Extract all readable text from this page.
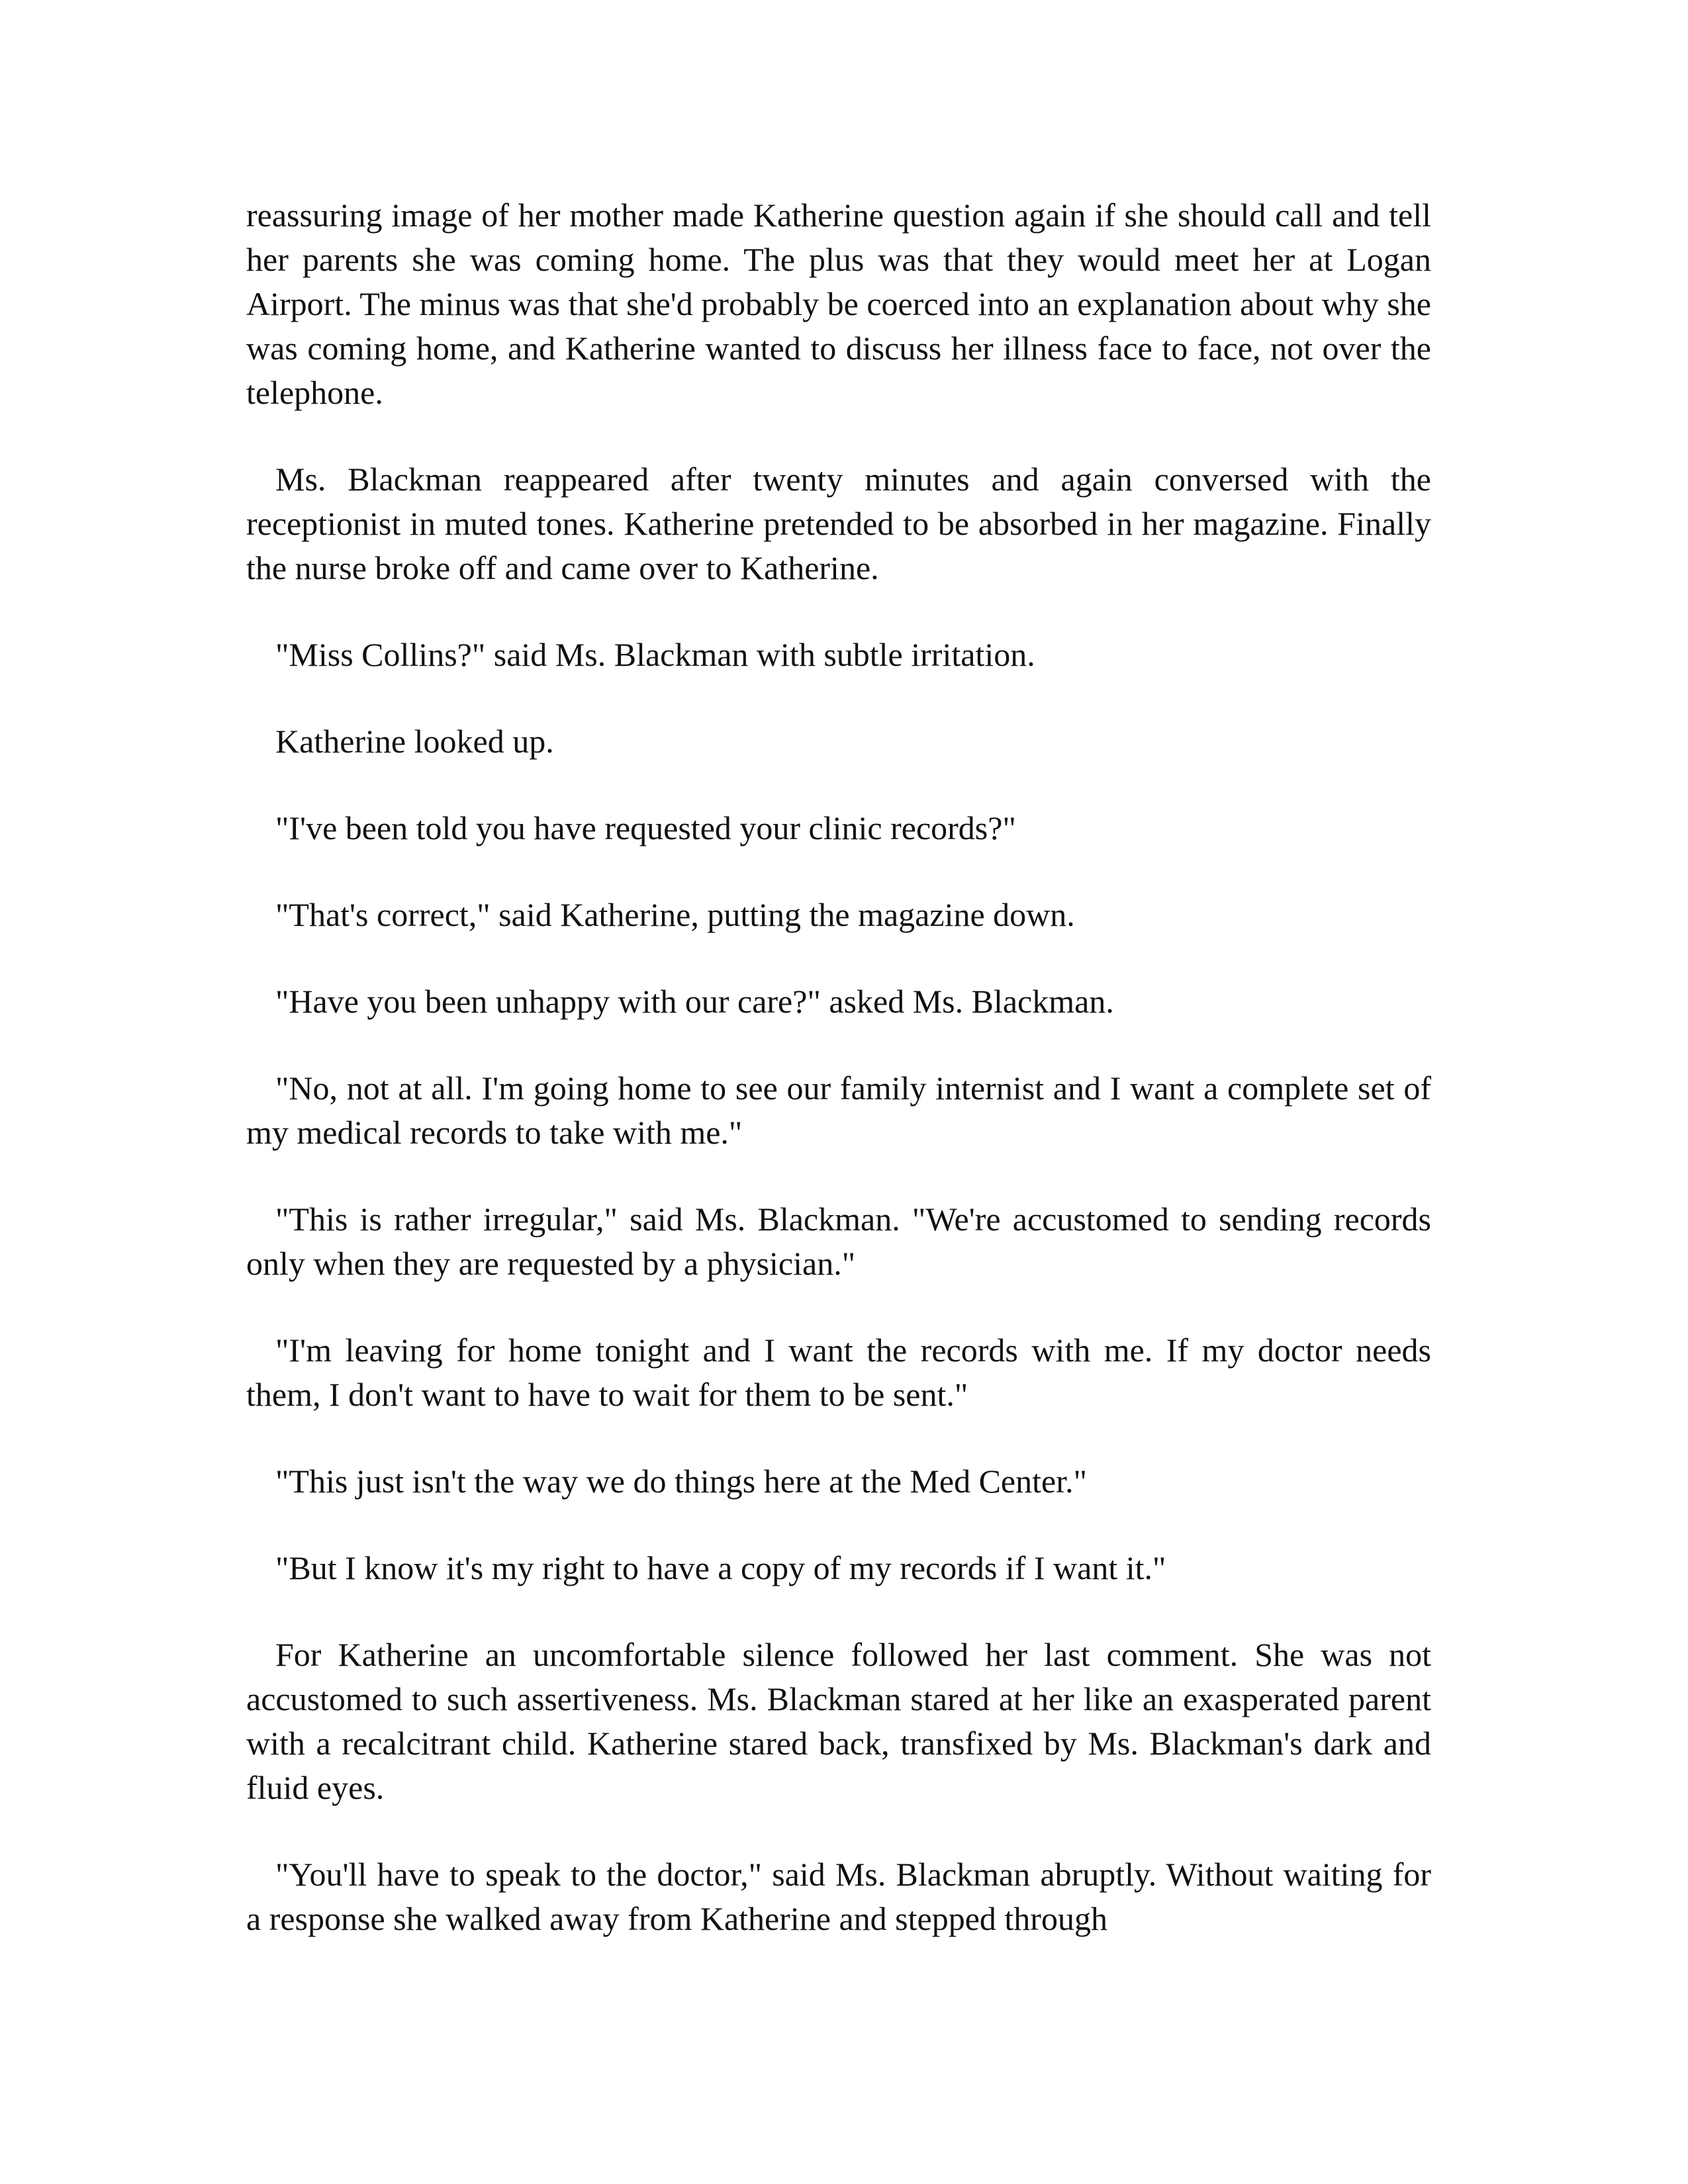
reassuring image of her mother made Katherine question again if she should call and tell her parents she was coming home. The plus was that they would meet her at Logan Airport. The minus was that she'd probably be coerced into an explanation about why she was coming home, and Katherine wanted to discuss her illness face to face, not over the telephone.

Ms. Blackman reappeared after twenty minutes and again conversed with the receptionist in muted tones. Katherine pretended to be absorbed in her magazine. Finally the nurse broke off and came over to Katherine.

"Miss Collins?" said Ms. Blackman with subtle irritation.

Katherine looked up.

"I've been told you have requested your clinic records?"

"That's correct," said Katherine, putting the magazine down.

"Have you been unhappy with our care?" asked Ms. Blackman.

"No, not at all. I'm going home to see our family internist and I want a complete set of my medical records to take with me."

"This is rather irregular," said Ms. Blackman. "We're accustomed to sending records only when they are requested by a physician."

"I'm leaving for home tonight and I want the records with me. If my doctor needs them, I don't want to have to wait for them to be sent."

"This just isn't the way we do things here at the Med Center."

"But I know it's my right to have a copy of my records if I want it."

For Katherine an uncomfortable silence followed her last comment. She was not accustomed to such assertiveness. Ms. Blackman stared at her like an exasperated parent with a recalcitrant child. Katherine stared back, transfixed by Ms. Blackman's dark and fluid eyes.

"You'll have to speak to the doctor," said Ms. Blackman abruptly. Without waiting for a response she walked away from Katherine and stepped through
